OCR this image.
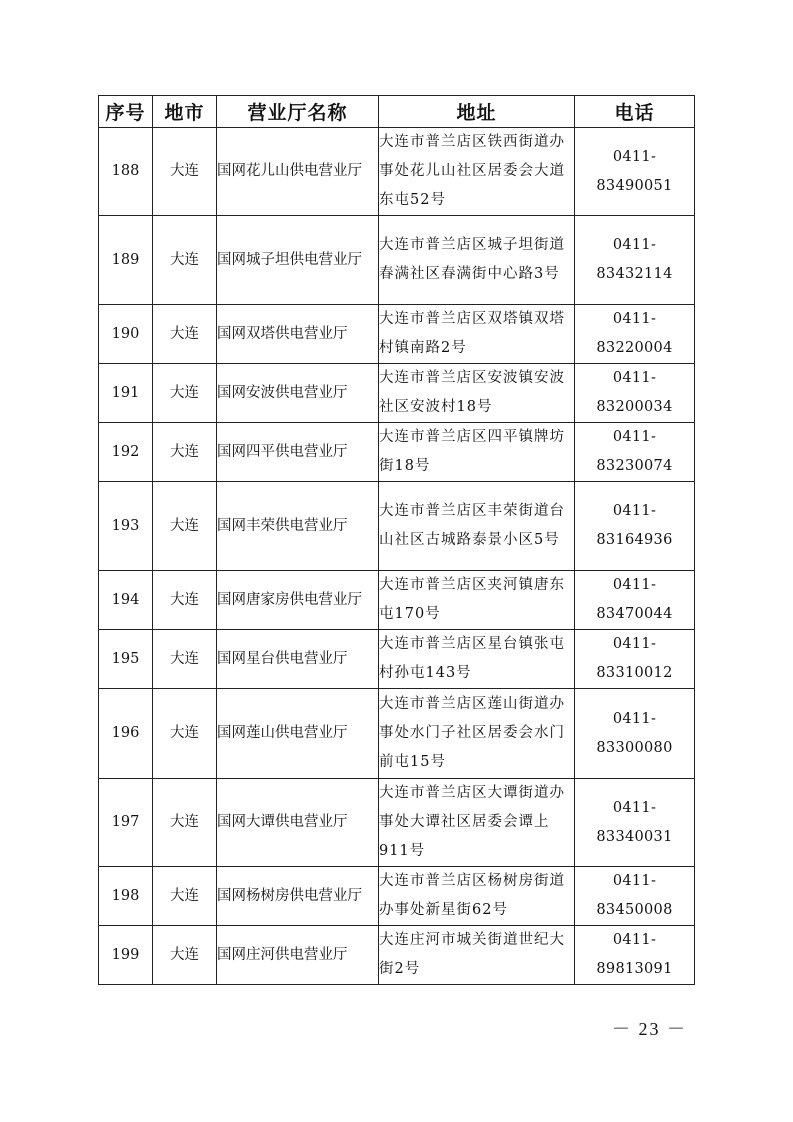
序号	地市	营业厅名称	地址	电话
188	大连	国网花儿山供电营业厅	大连市普兰店区铁西街道办事处花儿山社区居委会大道东屯52号	0411-83490051
189	大连	国网城子坦供电营业厅	大连市普兰店区城子坦街道春满社区春满街中心路3号	0411-83432114
190	大连	国网双塔供电营业厅	大连市普兰店区双塔镇双塔村镇南路2号	0411-83220004
191	大连	国网安波供电营业厅	大连市普兰店区安波镇安波社区安波村18号	0411-83200034
192	大连	国网四平供电营业厅	大连市普兰店区四平镇牌坊街18号	0411-83230074
193	大连	国网丰荣供电营业厅	大连市普兰店区丰荣街道台山社区古城路泰景小区5号	0411-83164936
194	大连	国网唐家房供电营业厅	大连市普兰店区夹河镇唐东屯170号	0411-83470044
195	大连	国网星台供电营业厅	大连市普兰店区星台镇张屯村孙屯143号	0411-83310012
196	大连	国网莲山供电营业厅	大连市普兰店区莲山街道办事处水门子社区居委会水门前屯15号	0411-83300080
197	大连	国网大谭供电营业厅	大连市普兰店区大谭街道办事处大谭社区居委会谭上911号	0411-83340031
198	大连	国网杨树房供电营业厅	大连市普兰店区杨树房街道办事处新星街62号	0411-83450008
199	大连	国网庄河供电营业厅	大连庄河市城关街道世纪大街2号	0411-89813091
－ 23 －
